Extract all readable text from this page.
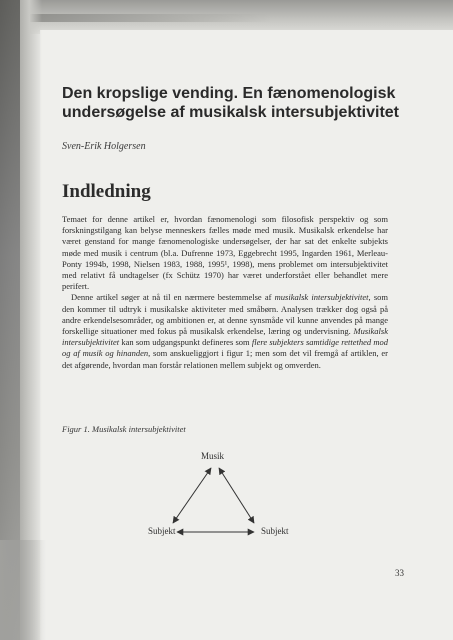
Den kropslige vending. En fænomenologisk undersøgelse af musikalsk intersubjektivitet
Sven-Erik Holgersen
Indledning

Temaet for denne artikel er, hvordan fænomenologi som filosofisk perspektiv og som forskningstilgang kan belyse menneskers fælles møde med musik. Musikalsk erkendelse har været genstand for mange fænomenologiske undersøgelser, der har sat det enkelte subjekts møde med musik i centrum (bl.a. Dufrenne 1973, Eggebrecht 1995, Ingarden 1961, Merleau-Ponty 1994b, 1998, Nielsen 1983, 1988, 1995¹, 1998), mens problemet om intersubjektivitet med relativt få undtagelser (fx Schütz 1970) har været underforstået eller behandlet mere perifert.

Denne artikel søger at nå til en nærmere bestemmelse af musikalsk intersubjektivitet, som den kommer til udtryk i musikalske aktiviteter med småbørn. Analysen trækker dog også på andre erkendelsesområder, og ambitionen er, at denne synsmåde vil kunne anvendes på mange forskellige situationer med fokus på musikalsk erkendelse, læring og undervisning. Musikalsk intersubjektivitet kan som udgangspunkt defineres som flere subjekters samtidige rettethed mod og af musik og hinanden, som anskueliggjort i figur 1; men som det vil fremgå af artiklen, er det afgørende, hvordan man forstår relationen mellem subjekt og omverden.

Figur 1. Musikalsk intersubjektivitet
Musik
Subjekt	Subjekt
33
